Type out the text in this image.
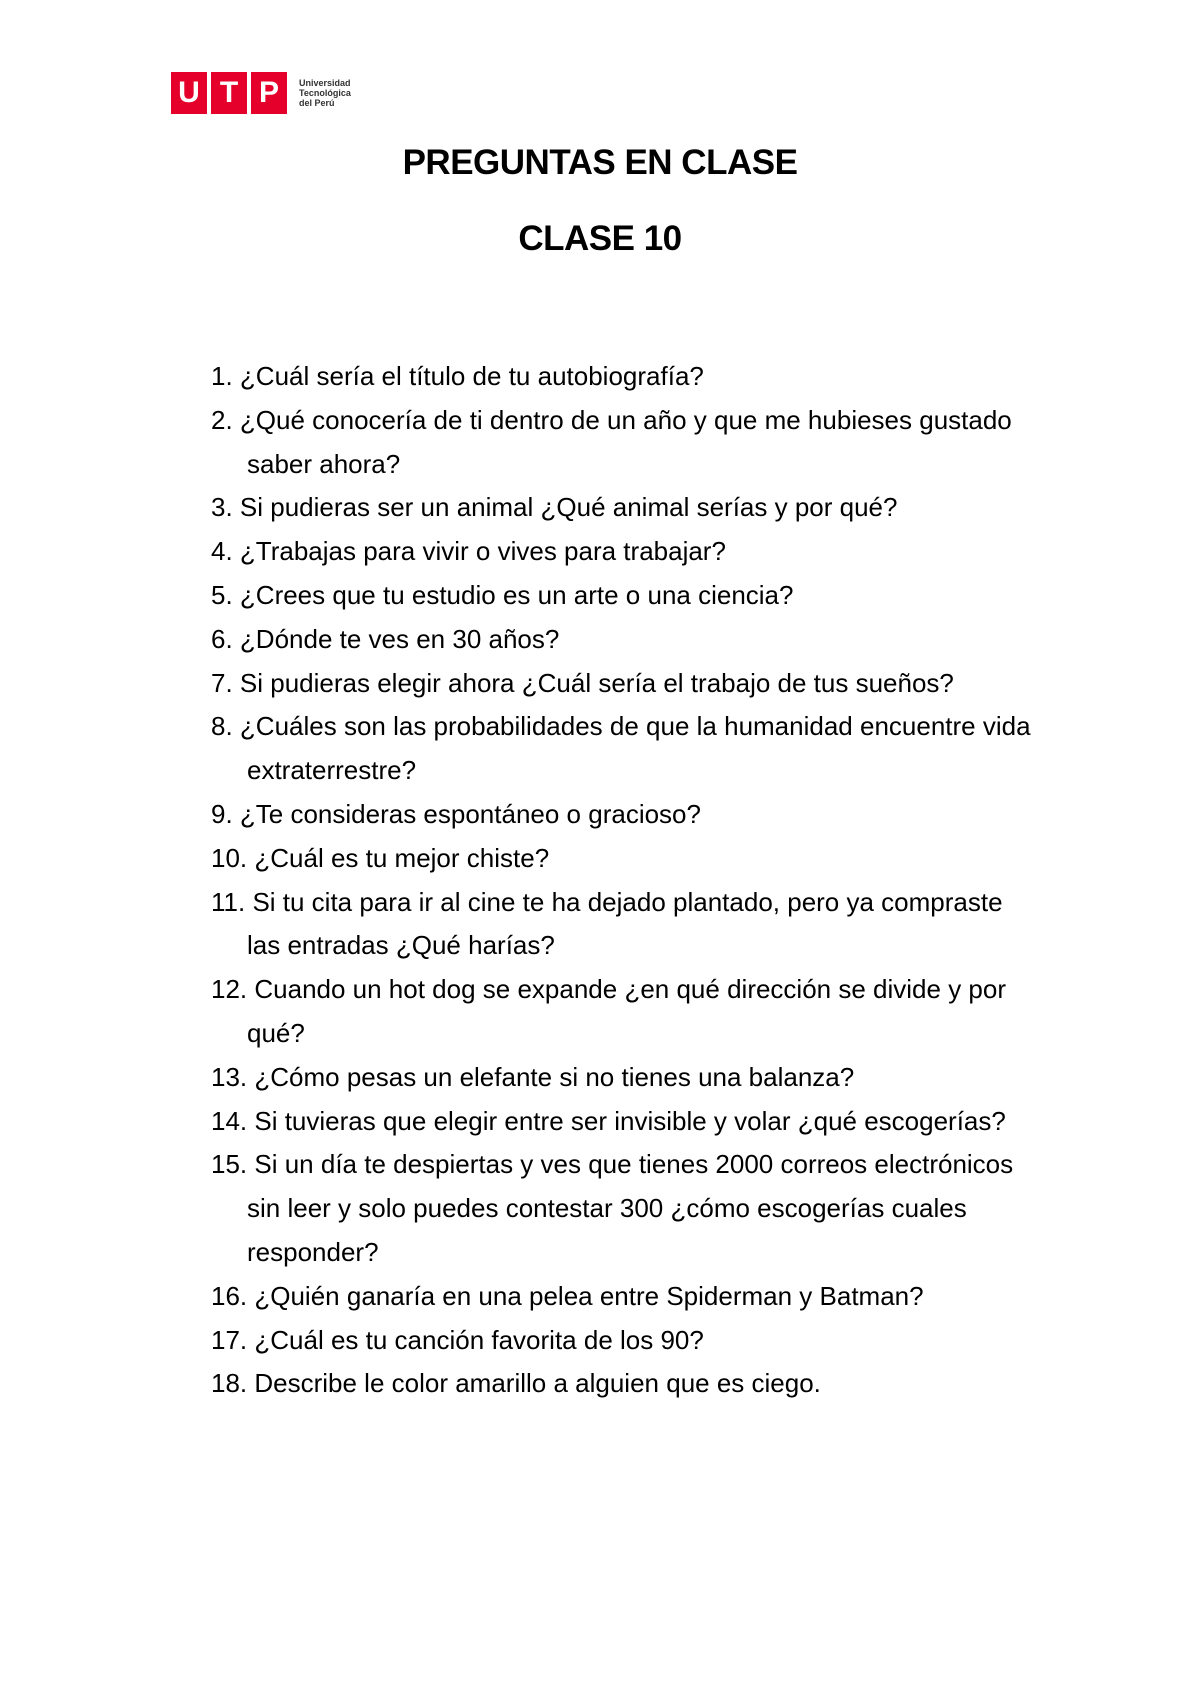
U T P	Universidad
Tecnológica
del Perú
PREGUNTAS EN CLASE
CLASE 10
1. ¿Cuál sería el título de tu autobiografía?
2. ¿Qué conocería de ti dentro de un año y que me hubieses gustado saber ahora?
3. Si pudieras ser un animal ¿Qué animal serías y por qué?
4. ¿Trabajas para vivir o vives para trabajar?
5. ¿Crees que tu estudio es un arte o una ciencia?
6. ¿Dónde te ves en 30 años?
7. Si pudieras elegir ahora ¿Cuál sería el trabajo de tus sueños?
8. ¿Cuáles son las probabilidades de que la humanidad encuentre vida extraterrestre?
9. ¿Te consideras espontáneo o gracioso?
10. ¿Cuál es tu mejor chiste?
11. Si tu cita para ir al cine te ha dejado plantado, pero ya compraste las entradas ¿Qué harías?
12. Cuando un hot dog se expande ¿en qué dirección se divide y por qué?
13. ¿Cómo pesas un elefante si no tienes una balanza?
14. Si tuvieras que elegir entre ser invisible y volar ¿qué escogerías?
15. Si un día te despiertas y ves que tienes 2000 correos electrónicos sin leer y solo puedes contestar 300 ¿cómo escogerías cuales responder?
16. ¿Quién ganaría en una pelea entre Spiderman y Batman?
17. ¿Cuál es tu canción favorita de los 90?
18. Describe le color amarillo a alguien que es ciego.
